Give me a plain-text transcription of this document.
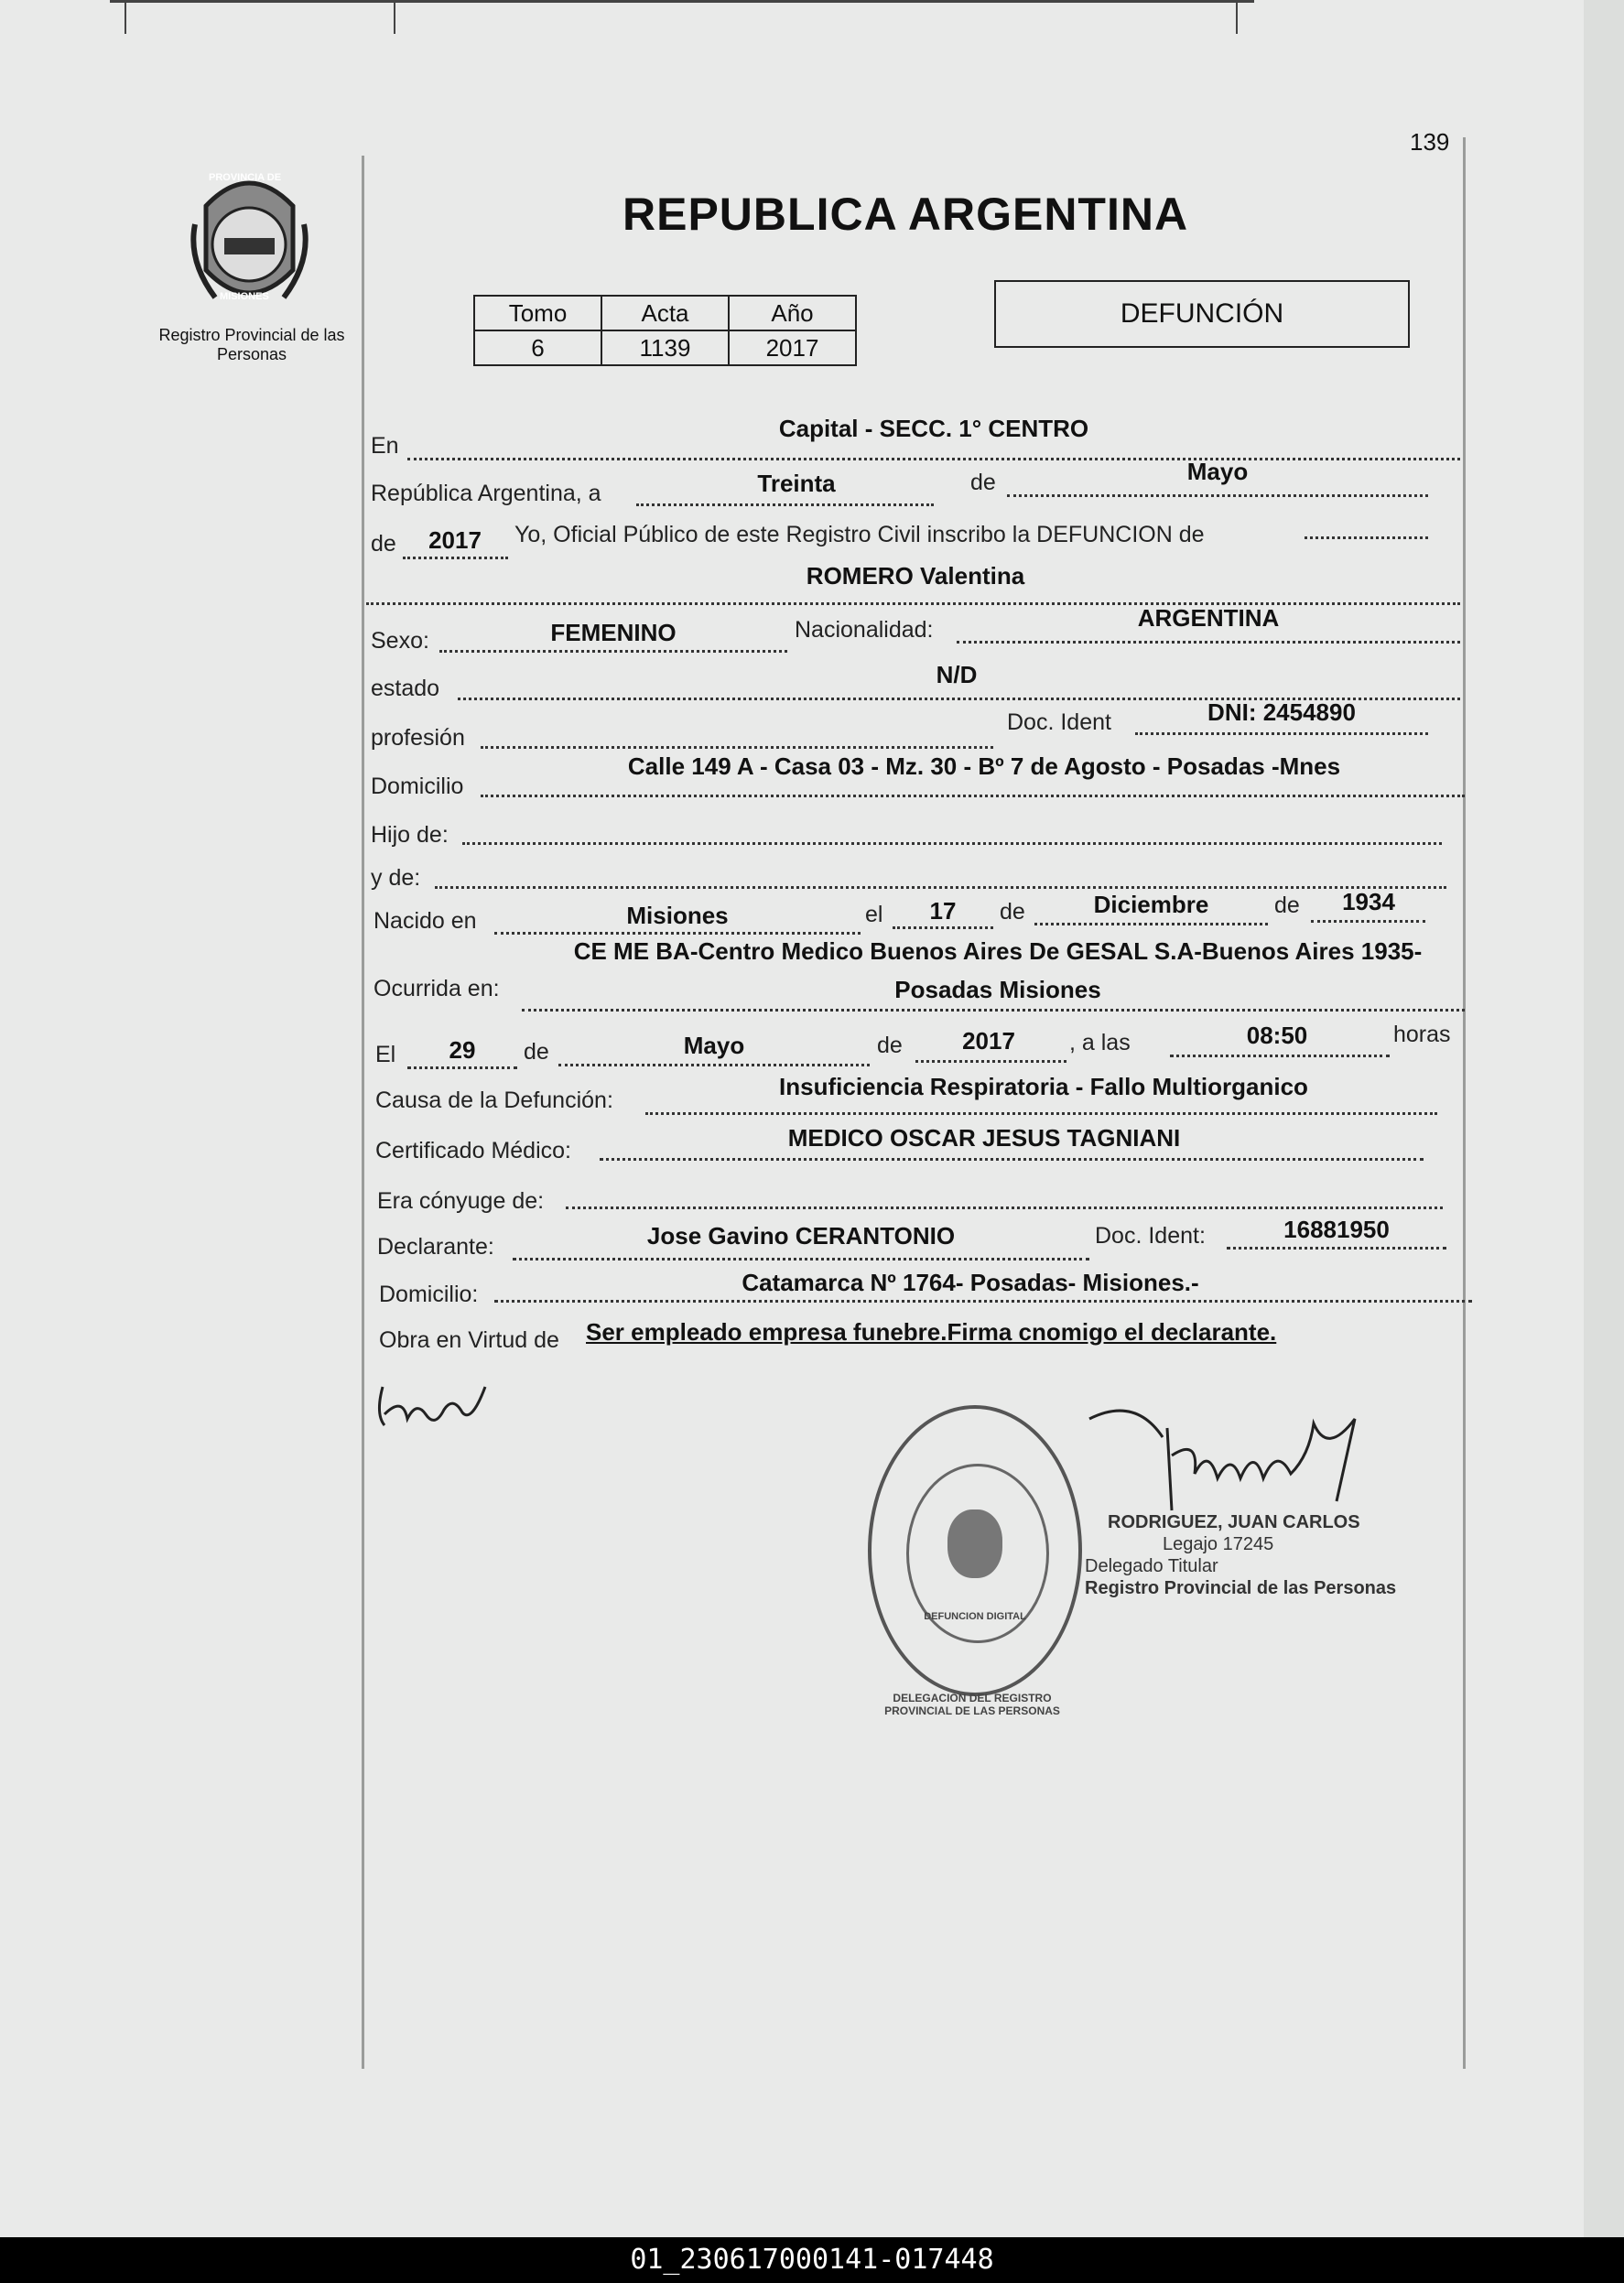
PROVINCIA DE
MISIONES
Registro Provincial de las Personas
139
REPUBLICA ARGENTINA
Tomo	Acta	Año
6	1139	2017
DEFUNCIÓN
En
Capital - SECC. 1° CENTRO
República Argentina, a	Treinta	de	Mayo
de	2017	Yo, Oficial Público de este Registro Civil inscribo la DEFUNCION de
ROMERO Valentina
Sexo:	FEMENINO	Nacionalidad:	ARGENTINA
estado	N/D
profesión
Doc. Ident	DNI: 2454890
Domicilio
Calle 149 A - Casa 03 - Mz. 30 - Bº 7 de Agosto - Posadas -Mnes
Hijo de:
y de:
Nacido en	Misiones	el	17	de	Diciembre	de	1934
Ocurrida en:
CE ME BA-Centro Medico Buenos Aires De GESAL S.A-Buenos Aires 1935-
Posadas Misiones
El	29	de	Mayo	de	2017	, a las	08:50	horas
Causa de la Defunción:	Insuficiencia Respiratoria - Fallo Multiorganico
Certificado Médico:	MEDICO OSCAR JESUS TAGNIANI
Era cónyuge de:
Declarante:	Jose Gavino CERANTONIO	Doc. Ident:	16881950
Domicilio:	Catamarca Nº 1764- Posadas- Misiones.-
Obra en Virtud de Ser empleado empresa funebre.Firma cnomigo el declarante.
DELEGACION DEL REGISTRO PROVINCIAL DE LAS PERSONAS
DEFUNCION DIGITAL
RODRIGUEZ, JUAN CARLOS
Legajo 17245
Delegado Titular
Registro Provincial de las Personas
01_230617000141-017448
